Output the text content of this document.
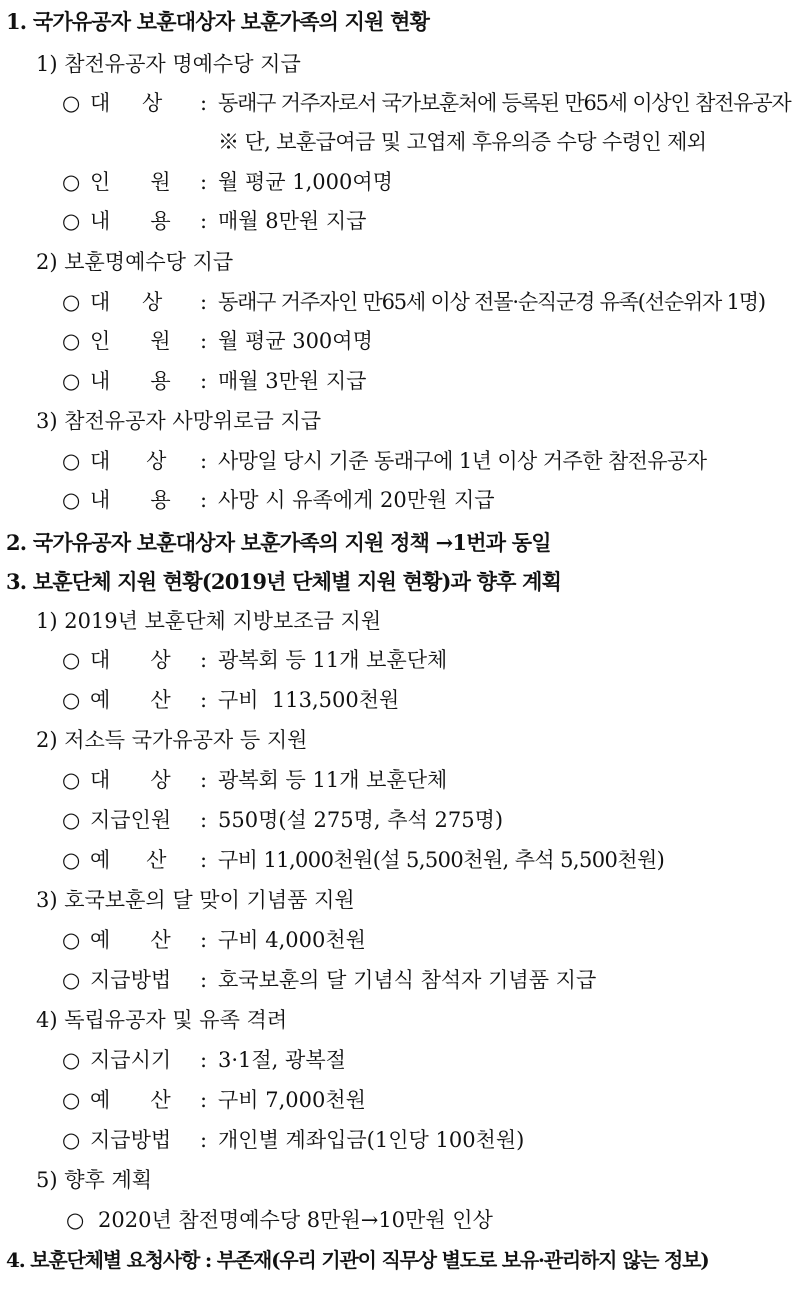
1. 국가유공자 보훈대상자 보훈가족의 지원 현황
1) 참전유공자 명예수당 지급
○ 대      상 : 동래구 거주자로서 국가보훈처에 등록된 만65세 이상인 참전유공자
※ 단, 보훈급여금 및 고엽제 후유의증 수당 수령인 제외
○ 인      원 : 월 평균 1,000여명
○ 내      용 : 매월 8만원 지급
2) 보훈명예수당 지급
○ 대      상 : 동래구 거주자인 만65세 이상 전몰·순직군경 유족(선순위자 1명)
○ 인      원 : 월 평균 300여명
○ 내      용 : 매월 3만원 지급
3) 참전유공자 사망위로금 지급
○ 대      상 : 사망일 당시 기준 동래구에 1년 이상 거주한 참전유공자
○ 내      용 : 사망 시 유족에게 20만원 지급
2. 국가유공자 보훈대상자 보훈가족의 지원 정책 →1번과 동일
3. 보훈단체 지원 현황(2019년 단체별 지원 현황)과 향후 계획
1) 2019년 보훈단체 지방보조금 지원
○ 대      상 : 광복회 등 11개 보훈단체
○ 예      산 : 구비  113,500천원
2) 저소득 국가유공자 등 지원
○ 대      상 : 광복회 등 11개 보훈단체
○ 지급인원 : 550명(설 275명, 추석 275명)
○ 예      산 : 구비 11,000천원(설 5,500천원, 추석 5,500천원)
3) 호국보훈의 달 맞이 기념품 지원
○ 예      산 : 구비 4,000천원
○ 지급방법 : 호국보훈의 달 기념식 참석자 기념품 지급
4) 독립유공자 및 유족 격려
○ 지급시기 : 3·1절, 광복절
○ 예      산 : 구비 7,000천원
○ 지급방법 : 개인별 계좌입금(1인당 100천원)
5) 향후 계획
○ 2020년 참전명예수당 8만원→10만원 인상
4. 보훈단체별 요청사항 : 부존재(우리 기관이 직무상 별도로 보유·관리하지 않는 정보)
